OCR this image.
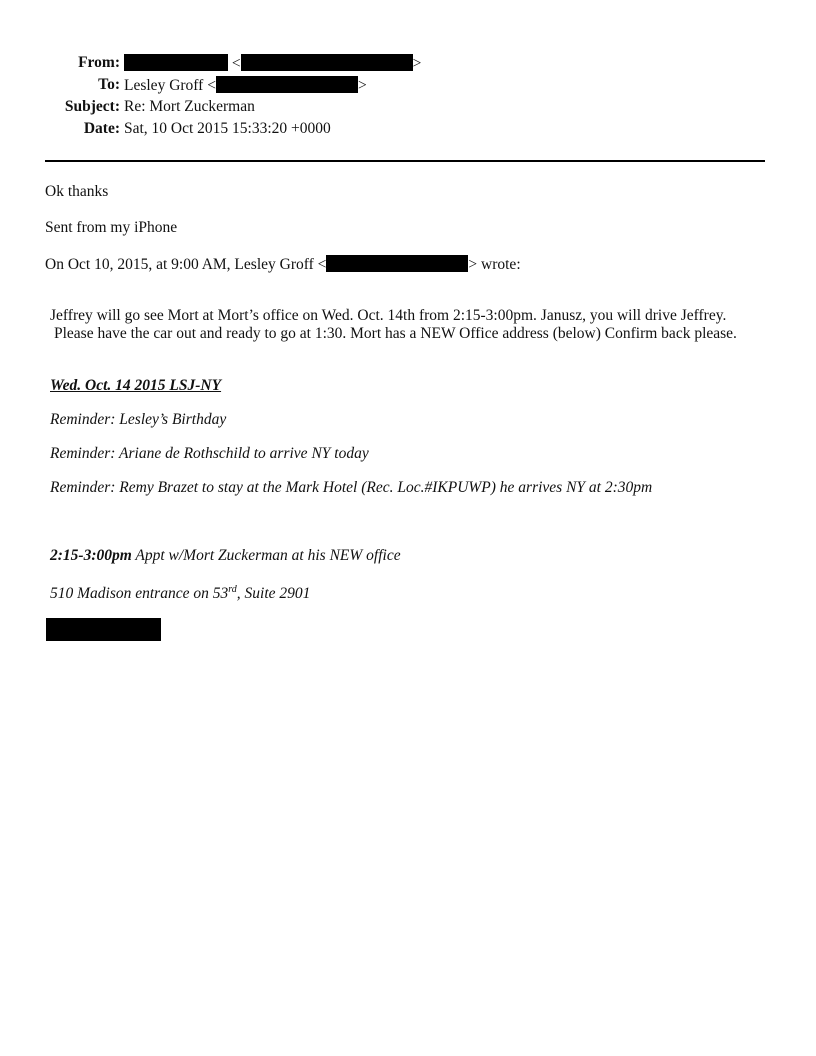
From:	<	>
To: Lesley Groff <	>
Subject: Re: Mort Zuckerman
Date: Sat, 10 Oct 2015 15:33:20 +0000
Ok thanks
Sent from my iPhone
On Oct 10, 2015, at 9:00 AM, Lesley Groff <	> wrote:
Jeffrey will go see Mort at Mort’s office on Wed. Oct. 14th from 2:15-3:00pm. Janusz, you will drive Jeffrey.
Please have the car out and ready to go at 1:30. Mort has a NEW Office address (below) Confirm back please.
Wed. Oct. 14 2015 LSJ-NY
Reminder: Lesley’s Birthday
Reminder: Ariane de Rothschild to arrive NY today
Reminder: Remy Brazet to stay at the Mark Hotel (Rec. Loc.#IKPUWP) he arrives NY at 2:30pm
2:15-3:00pm Appt w/Mort Zuckerman at his NEW office
510 Madison entrance on 53rd, Suite 2901
